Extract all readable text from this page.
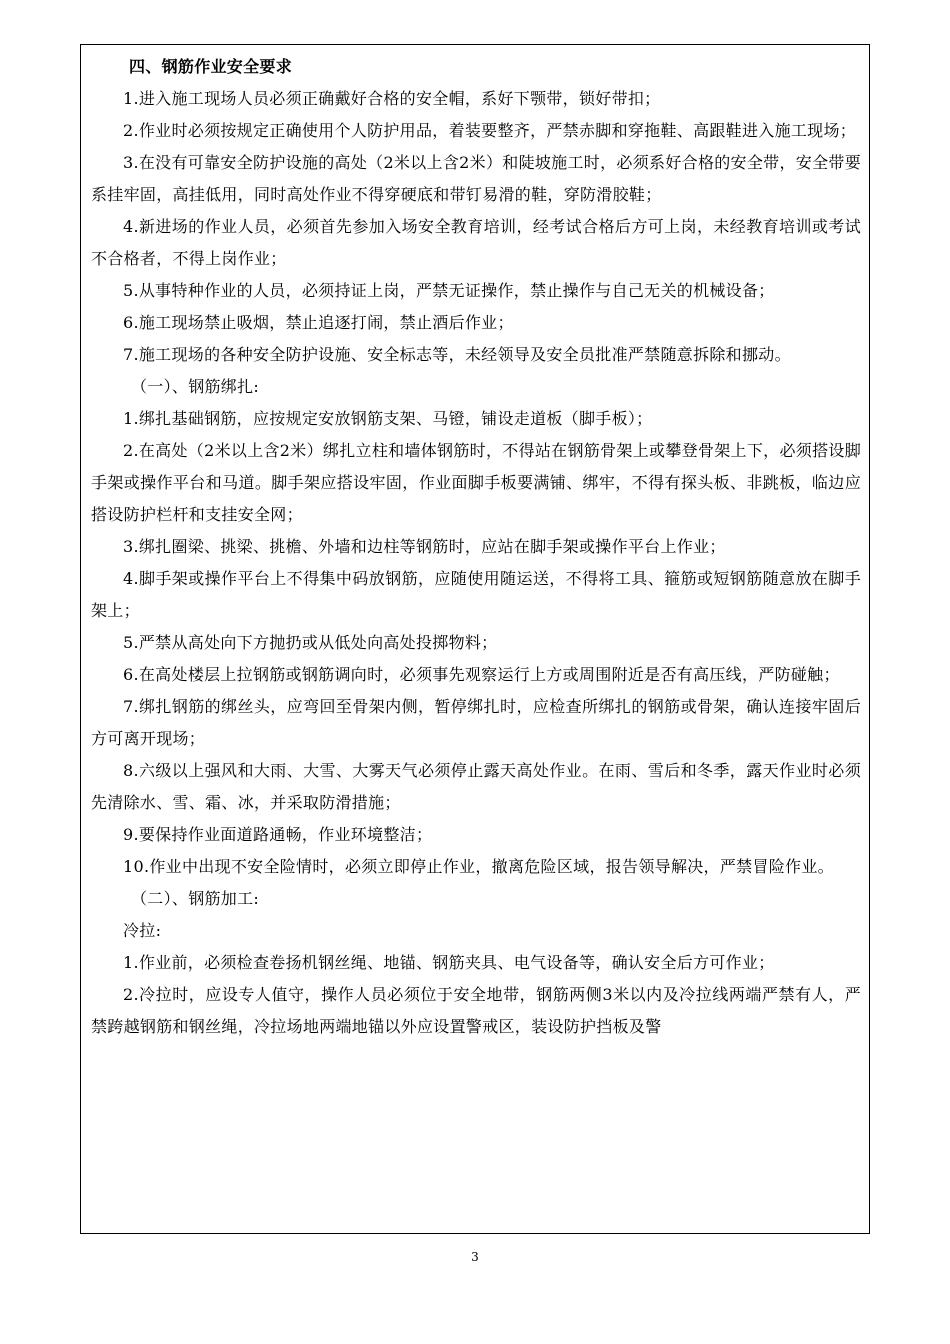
四、钢筋作业安全要求

1.进入施工现场人员必须正确戴好合格的安全帽，系好下颚带，锁好带扣；

2.作业时必须按规定正确使用个人防护用品，着装要整齐，严禁赤脚和穿拖鞋、高跟鞋进入施工现场；

3.在没有可靠安全防护设施的高处（2米以上含2米）和陡坡施工时，必须系好合格的安全带，安全带要系挂牢固，高挂低用，同时高处作业不得穿硬底和带钉易滑的鞋，穿防滑胶鞋；

4.新进场的作业人员，必须首先参加入场安全教育培训，经考试合格后方可上岗，未经教育培训或考试不合格者，不得上岗作业；

5.从事特种作业的人员，必须持证上岗，严禁无证操作，禁止操作与自己无关的机械设备；

6.施工现场禁止吸烟，禁止追逐打闹，禁止酒后作业；

7.施工现场的各种安全防护设施、安全标志等，未经领导及安全员批准严禁随意拆除和挪动。

（一）、钢筋绑扎:

1.绑扎基础钢筋，应按规定安放钢筋支架、马镫，铺设走道板（脚手板）；

2.在高处（2米以上含2米）绑扎立柱和墙体钢筋时，不得站在钢筋骨架上或攀登骨架上下，必须搭设脚手架或操作平台和马道。脚手架应搭设牢固，作业面脚手板要满铺、绑牢，不得有探头板、非跳板，临边应搭设防护栏杆和支挂安全网；

3.绑扎圈梁、挑梁、挑檐、外墙和边柱等钢筋时，应站在脚手架或操作平台上作业；

4.脚手架或操作平台上不得集中码放钢筋，应随使用随运送，不得将工具、箍筋或短钢筋随意放在脚手架上；

5.严禁从高处向下方抛扔或从低处向高处投掷物料；

6.在高处楼层上拉钢筋或钢筋调向时，必须事先观察运行上方或周围附近是否有高压线，严防碰触；

7.绑扎钢筋的绑丝头，应弯回至骨架内侧，暂停绑扎时，应检查所绑扎的钢筋或骨架，确认连接牢固后方可离开现场；

8.六级以上强风和大雨、大雪、大雾天气必须停止露天高处作业。在雨、雪后和冬季，露天作业时必须先清除水、雪、霜、冰，并采取防滑措施；

9.要保持作业面道路通畅，作业环境整洁；

10.作业中出现不安全险情时，必须立即停止作业，撤离危险区域，报告领导解决，严禁冒险作业。

（二）、钢筋加工:

冷拉:

1.作业前，必须检查卷扬机钢丝绳、地锚、钢筋夹具、电气设备等，确认安全后方可作业；

2.冷拉时，应设专人值守，操作人员必须位于安全地带，钢筋两侧3米以内及冷拉线两端严禁有人，严禁跨越钢筋和钢丝绳，冷拉场地两端地锚以外应设置警戒区，装设防护挡板及警

3
